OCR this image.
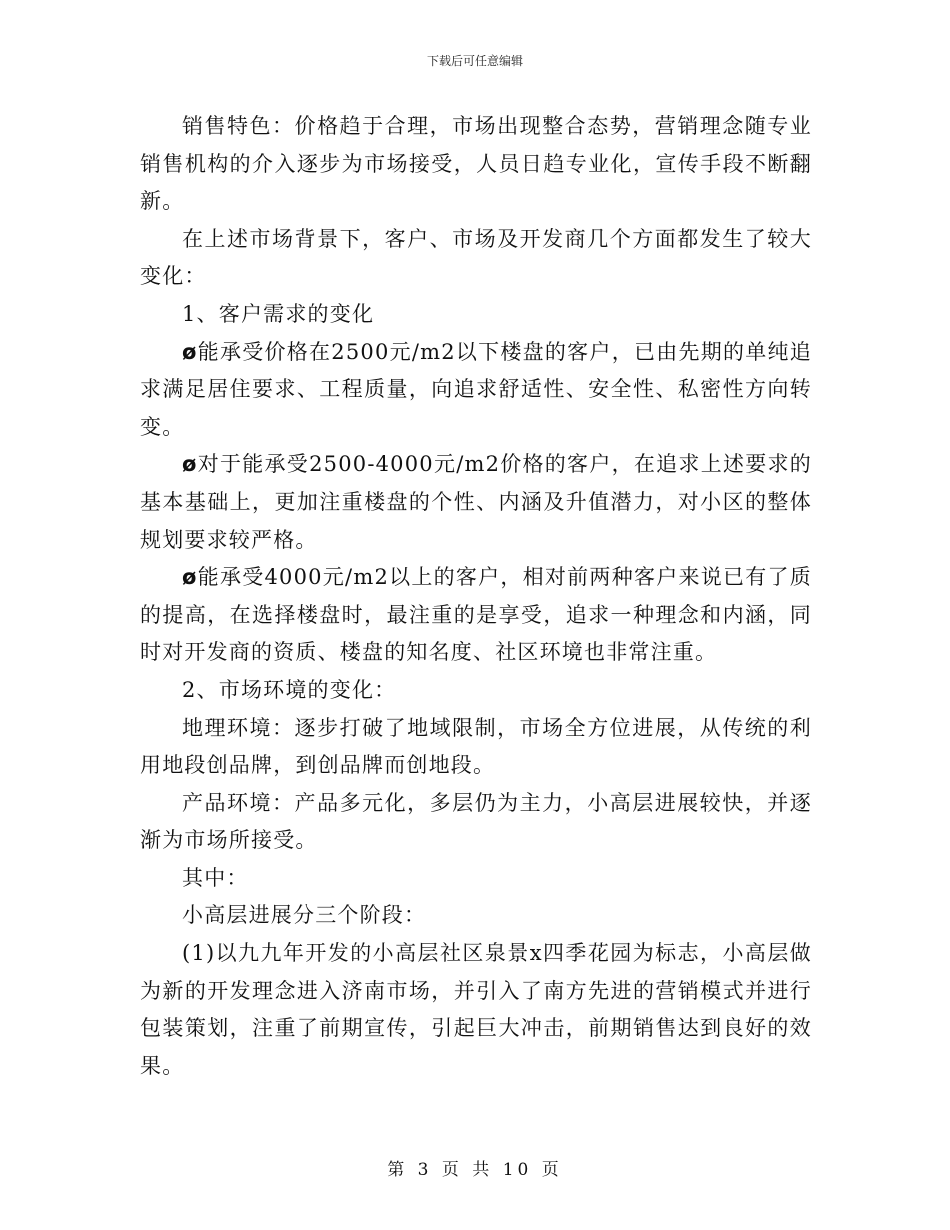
下载后可任意编辑

销售特色：价格趋于合理，市场出现整合态势，营销理念随专业销售机构的介入逐步为市场接受，人员日趋专业化，宣传手段不断翻新。

在上述市场背景下，客户、市场及开发商几个方面都发生了较大变化：

1、客户需求的变化

ø能承受价格在2500元/m2以下楼盘的客户，已由先期的单纯追求满足居住要求、工程质量，向追求舒适性、安全性、私密性方向转变。

ø对于能承受2500-4000元/m2价格的客户，在追求上述要求的基本基础上，更加注重楼盘的个性、内涵及升值潜力，对小区的整体规划要求较严格。

ø能承受4000元/m2以上的客户，相对前两种客户来说已有了质的提高，在选择楼盘时，最注重的是享受，追求一种理念和内涵，同时对开发商的资质、楼盘的知名度、社区环境也非常注重。

2、市场环境的变化：

地理环境：逐步打破了地域限制，市场全方位进展，从传统的利用地段创品牌，到创品牌而创地段。

产品环境：产品多元化，多层仍为主力，小高层进展较快，并逐渐为市场所接受。

其中：

小高层进展分三个阶段：

(1)以九九年开发的小高层社区泉景x四季花园为标志，小高层做为新的开发理念进入济南市场，并引入了南方先进的营销模式并进行包装策划，注重了前期宣传，引起巨大冲击，前期销售达到良好的效果。

第 3 页 共 10 页
